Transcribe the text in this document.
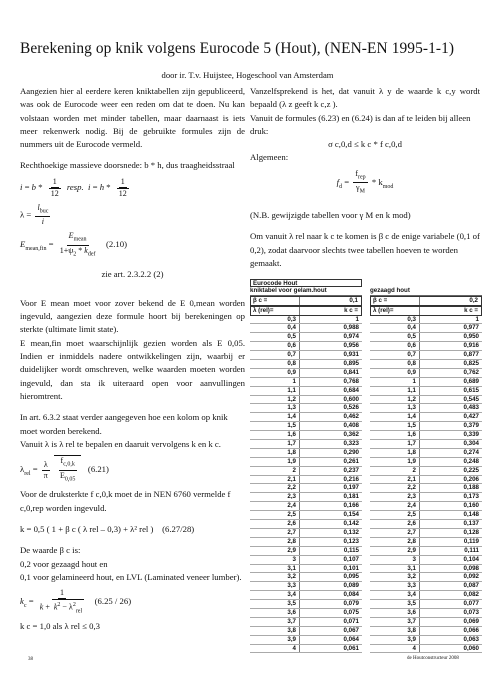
Berekening op knik volgens Eurocode 5 (Hout), (NEN-EN 1995-1-1)
door ir. T.v. Huijstee, Hogeschool van Amsterdam

Aangezien hier al eerdere keren kniktabellen zijn gepubliceerd, was ook de Eurocode weer een reden om dat te doen. Nu kan volstaan worden met minder tabellen, maar daarnaast is iets meer rekenwerk nodig. Bij de gebruikte formules zijn de nummers uit de Eurocode vermeld.

Rechthoekige massieve doorsnede: b * h, dus traagheidsstraal

$i = b * \frac{1}{12}$ resp. $i = h * \frac{1}{12}$
$\lambda = \frac{l_{buc}}{i}$
$E_{mean,fin} = \frac{E_{mean}}{1+\psi_2 * k_{def}} (2.10)$

zie art. 2.3.2.2 (2)

Voor E mean moet voor zover bekend de E 0,mean worden ingevuld, aangezien deze formule hoort bij berekeningen op sterkte (ultimate limit state).

E mean,fin moet waarschijnlijk gezien worden als E 0,05. Indien er inmiddels nadere ontwikkelingen zijn, waarbij er duidelijker wordt omschreven, welke waarden moeten worden ingevuld, dan sta ik uiteraard open voor aanvullingen hieromtrent.

In art. 6.3.2 staat verder aangegeven hoe een kolom op knik moet worden berekend.

Vanuit λ is λ rel te bepalen en daaruit vervolgens k en k c.

$\lambda_{rel} = \frac{\lambda}{\pi}$
$\frac{f_{c,0,k}}{E_{0,05}} (6.21)$

Voor de druksterkte f c,0,k moet de in NEN 6760 vermelde f c,0,rep worden ingevuld.

k = 0,5 ( 1 + β c ( λ rel – 0,3) + λ² rel ) (6.27/28)

De waarde β c is:

0,2 voor gezaagd hout en

0,1 voor gelamineerd hout, en LVL (Laminated veneer lumber).

$k_c = \frac{1}{k + k^2 - \lambda^2_{rel}} (6.25 / 26)$

k c = 1,0 als λ rel ≤ 0,3

Vanzelfsprekend is het, dat vanuit λ y de waarde k c,y wordt bepaald (λ z geeft k c,z ).

Vanuit de formules (6.23) en (6.24) is dan af te leiden bij alleen druk:

σ c,0,d ≤ k c * f c,0,d

Algemeen:

$f_d = \frac{f_{rep}}{\gamma_M} * k_{mod}$

(N.B. gewijzigde tabellen voor γ M en k mod)

Om vanuit λ rel naar k c te komen is β c de enige variabele (0,1 of 0,2), zodat daarvoor slechts twee tabellen hoeven te worden gemaakt.

Eurocode Hout
kniktabel voor gelam.hout
β c =	0,1
λ (rel)=	k c =
0,3	1
0,4	0,988
0,5	0,974
0,6	0,956
0,7	0,931
0,8	0,895
0,9	0,841
1	0,768
1,1	0,684
1,2	0,600
1,3	0,526
1,4	0,462
1,5	0,408
1,6	0,362
1,7	0,323
1,8	0,290
1,9	0,261
2	0,237
2,1	0,216
2,2	0,197
2,3	0,181
2,4	0,166
2,5	0,154
2,6	0,142
2,7	0,132
2,8	0,123
2,9	0,115
3	0,107
3,1	0,101
3,2	0,095
3,3	0,089
3,4	0,084
3,5	0,079
3,6	0,075
3,7	0,071
3,8	0,067
3,9	0,064
4	0,061
gezaagd hout
β c =	0,2
λ (rel)=	k c =
0,3	1
0,4	0,977
0,5	0,950
0,6	0,916
0,7	0,877
0,8	0,825
0,9	0,762
1	0,689
1,1	0,615
1,2	0,545
1,3	0,483
1,4	0,427
1,5	0,379
1,6	0,339
1,7	0,304
1,8	0,274
1,9	0,248
2	0,225
2,1	0,206
2,2	0,188
2,3	0,173
2,4	0,160
2,5	0,148
2,6	0,137
2,7	0,128
2,8	0,119
2,9	0,111
3	0,104
3,1	0,098
3,2	0,092
3,3	0,087
3,4	0,082
3,5	0,077
3,6	0,073
3,7	0,069
3,8	0,066
3,9	0,063
4	0,060
38	de Houtconstructeur 2008
